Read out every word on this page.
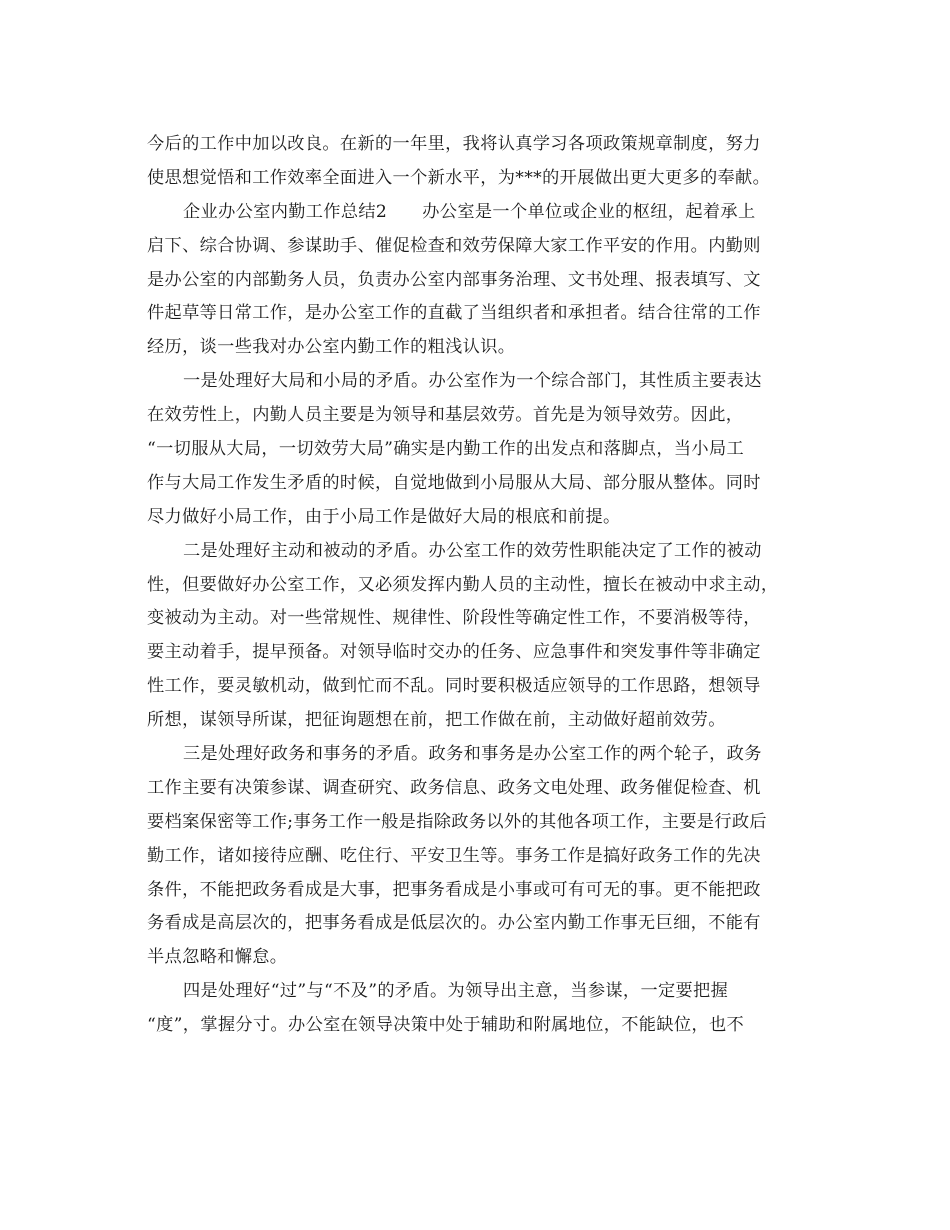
今后的工作中加以改良。在新的一年里，我将认真学习各项政策规章制度，努力
使思想觉悟和工作效率全面进入一个新水平，为***的开展做出更大更多的奉献。
企业办公室内勤工作总结2　　办公室是一个单位或企业的枢纽，起着承上
启下、综合协调、参谋助手、催促检查和效劳保障大家工作平安的作用。内勤则
是办公室的内部勤务人员，负责办公室内部事务治理、文书处理、报表填写、文
件起草等日常工作，是办公室工作的直截了当组织者和承担者。结合往常的工作
经历，谈一些我对办公室内勤工作的粗浅认识。
一是处理好大局和小局的矛盾。办公室作为一个综合部门，其性质主要表达
在效劳性上，内勤人员主要是为领导和基层效劳。首先是为领导效劳。因此，
“一切服从大局，一切效劳大局”确实是内勤工作的出发点和落脚点，当小局工
作与大局工作发生矛盾的时候，自觉地做到小局服从大局、部分服从整体。同时
尽力做好小局工作，由于小局工作是做好大局的根底和前提。
二是处理好主动和被动的矛盾。办公室工作的效劳性职能决定了工作的被动
性，但要做好办公室工作，又必须发挥内勤人员的主动性，擅长在被动中求主动，
变被动为主动。对一些常规性、规律性、阶段性等确定性工作，不要消极等待，
要主动着手，提早预备。对领导临时交办的任务、应急事件和突发事件等非确定
性工作，要灵敏机动，做到忙而不乱。同时要积极适应领导的工作思路，想领导
所想，谋领导所谋，把征询题想在前，把工作做在前，主动做好超前效劳。
三是处理好政务和事务的矛盾。政务和事务是办公室工作的两个轮子，政务
工作主要有决策参谋、调查研究、政务信息、政务文电处理、政务催促检查、机
要档案保密等工作;事务工作一般是指除政务以外的其他各项工作，主要是行政后
勤工作，诸如接待应酬、吃住行、平安卫生等。事务工作是搞好政务工作的先决
条件，不能把政务看成是大事，把事务看成是小事或可有可无的事。更不能把政
务看成是高层次的，把事务看成是低层次的。办公室内勤工作事无巨细，不能有
半点忽略和懈怠。
四是处理好“过”与“不及”的矛盾。为领导出主意，当参谋，一定要把握
“度”，掌握分寸。办公室在领导决策中处于辅助和附属地位，不能缺位，也不
